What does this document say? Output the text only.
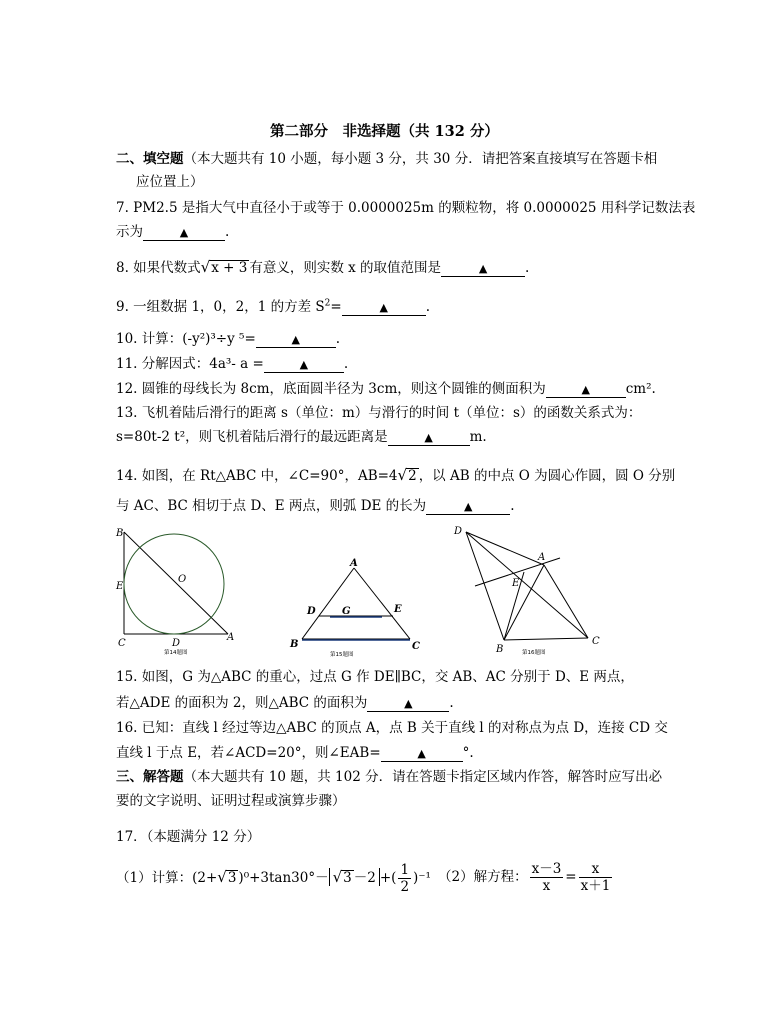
第二部分　非选择题（共 132 分）
二、填空题（本大题共有 10 小题，每小题 3 分，共 30 分．请把答案直接填写在答题卡相
应位置上）
7. PM2.5 是指大气中直径小于或等于 0.0000025m 的颗粒物，将 0.0000025 用科学记数法表
示为	▲	.
8. 如果代数式√x + 3 有意义，则实数 x 的取值范围是	▲	.
9. 一组数据 1，0，2，1 的方差 $S^2=$	▲	.
10. 计算：(-y²)³÷y ⁵=	▲	.
11. 分解因式：4a³- a =	▲	.
12. 圆锥的母线长为 8cm，底面圆半径为 3cm，则这个圆锥的侧面积为	▲	cm².
13. 飞机着陆后滑行的距离 s（单位：m）与滑行的时间 t（单位：s）的函数关系式为：
s=80t-2 t²，则飞机着陆后滑行的最远距离是	▲	m.
14. 如图，在 Rt△ABC 中，∠C=90°，AB=4√2 ，以 AB 的中点 O 为圆心作圆，圆 O 分别
与 AC、BC 相切于点 D、E 两点，则弧 DE 的长为	▲	.
B
E
O
C	D
A
第14题图
A
D	G	E
B	C
第15题图
D
A
E
B
C
第16题图
15. 如图，G 为△ABC 的重心，过点 G 作 DE∥BC，交 AB、AC 分别于 D、E 两点，
若△ADE 的面积为 2，则△ABC 的面积为	▲	.
16. 已知：直线 l 经过等边△ABC 的顶点 A，点 B 关于直线 l 的对称点为点 D，连接 CD 交
直线 l 于点 E，若∠ACD=20°，则∠EAB=	▲	°.
三、解答题（本大题共有 10 题，共 102 分．请在答题卡指定区域内作答，解答时应写出必
要的文字说明、证明过程或演算步骤）
17．（本题满分 12 分）
（1）计算：(2+√3 )⁰+3tan30°－ √3 －2 +( $\frac{1}{2} )^{-1}$ （2）解方程： $\frac{x-3}{x} = \frac{x}{x+1}$
